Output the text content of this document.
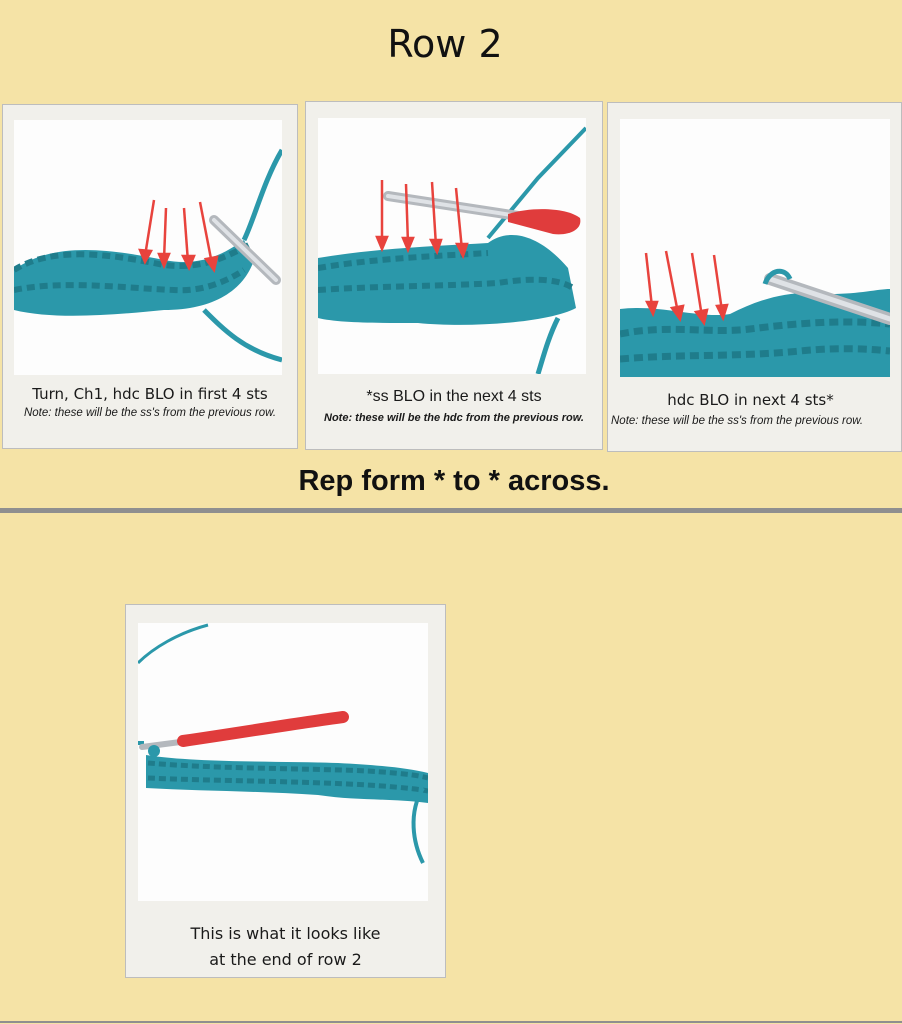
Row 2
Turn, Ch1, hdc BLO in first 4 sts
Note: these will be the ss's from the previous row.
*ss BLO in the next 4 sts
Note: these will be the hdc from the previous row.
hdc BLO in next 4 sts*
Note: these will be the ss's from the previous row.
Rep form * to * across.
This is what it looks like
at the end of row 2
